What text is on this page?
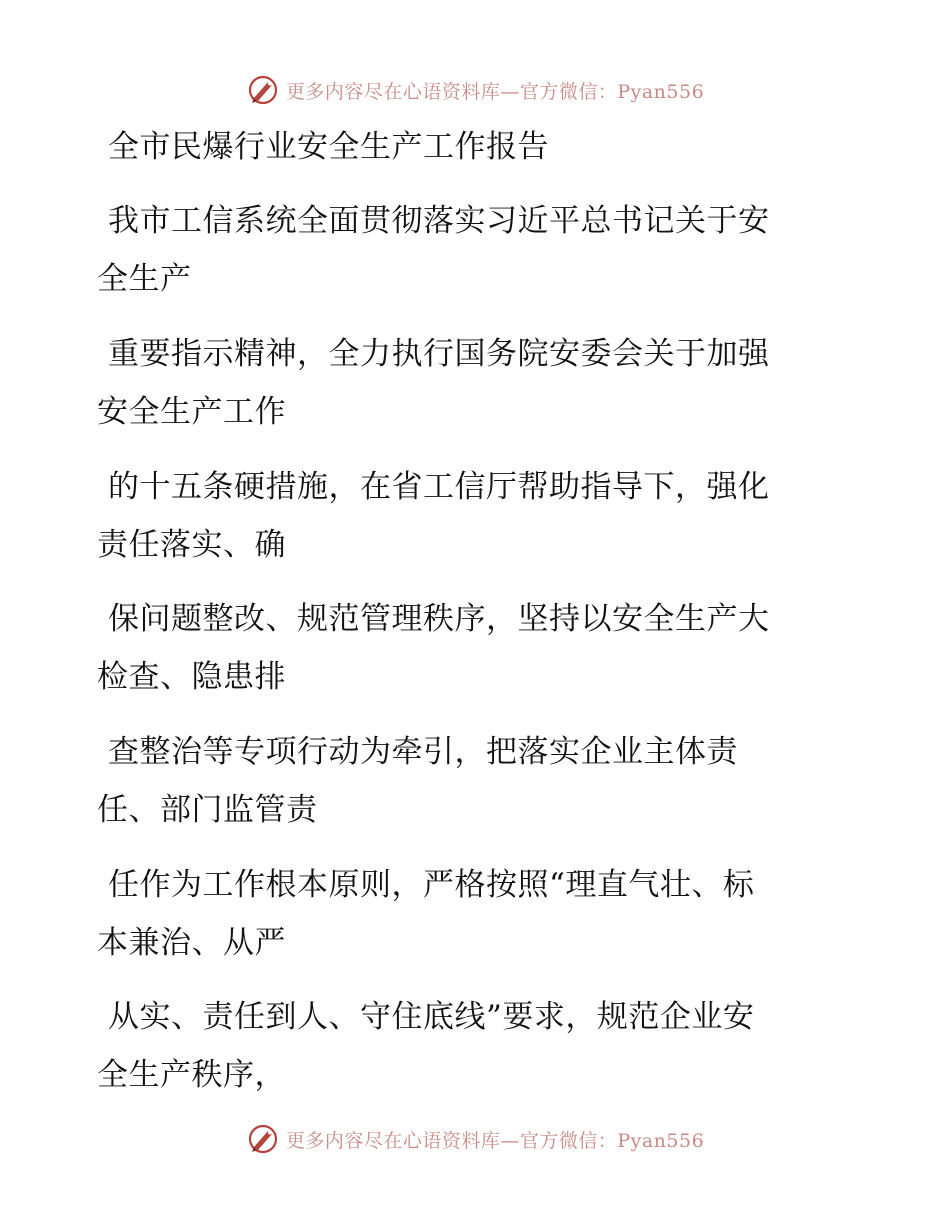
更多内容尽在心语资料库—官方微信：Pyan556
全市民爆行业安全生产工作报告
我市工信系统全面贯彻落实习近平总书记关于安
全生产
重要指示精神，全力执行国务院安委会关于加强
安全生产工作
的十五条硬措施，在省工信厅帮助指导下，强化
责任落实、确
保问题整改、规范管理秩序，坚持以安全生产大
检查、隐患排
查整治等专项行动为牵引，把落实企业主体责
任、部门监管责
任作为工作根本原则，严格按照“理直气壮、标
本兼治、从严
从实、责任到人、守住底线”要求，规范企业安
全生产秩序，
更多内容尽在心语资料库—官方微信：Pyan556
